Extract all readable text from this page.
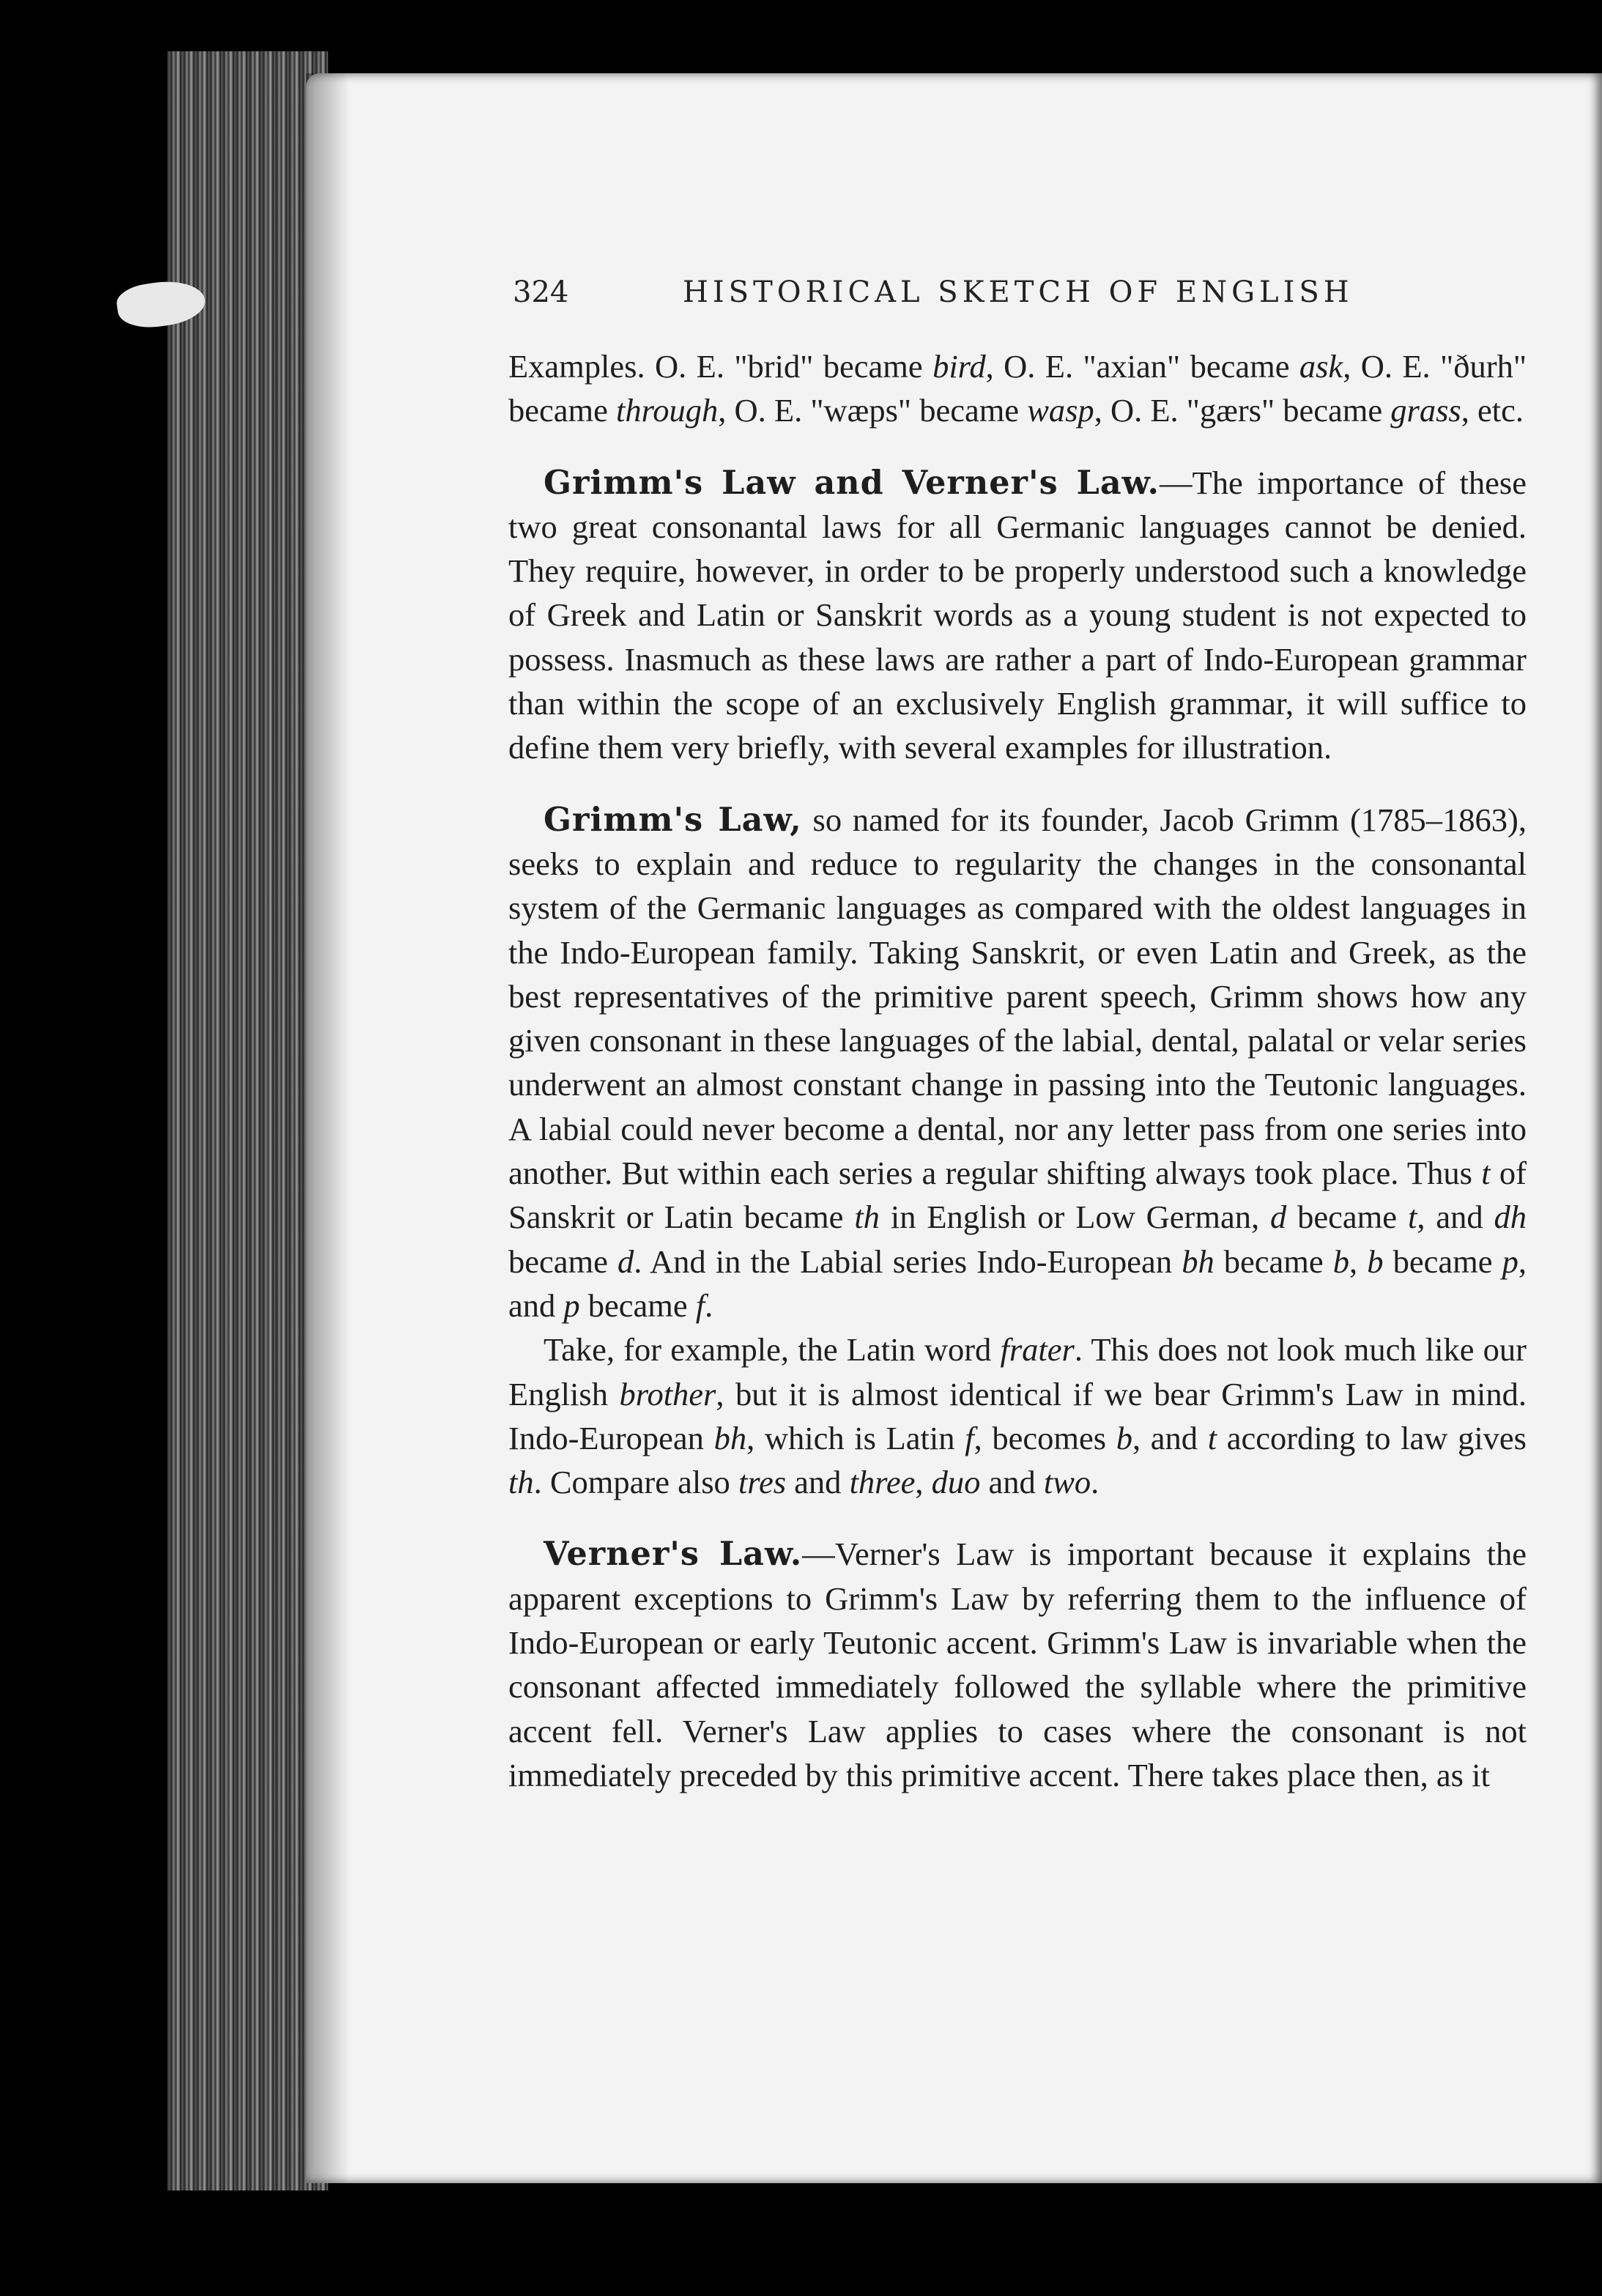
324	HISTORICAL SKETCH OF ENGLISH

Examples. O. E. "brid" became bird, O. E. "axian" became ask, O. E. "ðurh" became through, O. E. "wæps" became wasp, O. E. "gærs" became grass, etc.

Grimm's Law and Verner's Law.—The importance of these two great consonantal laws for all Germanic languages cannot be denied. They require, however, in order to be properly understood such a knowledge of Greek and Latin or Sanskrit words as a young student is not expected to possess. Inasmuch as these laws are rather a part of Indo-European grammar than within the scope of an exclusively English grammar, it will suffice to define them very briefly, with several examples for illustration.

Grimm's Law, so named for its founder, Jacob Grimm (1785–1863), seeks to explain and reduce to regularity the changes in the consonantal system of the Germanic languages as compared with the oldest languages in the Indo-European family. Taking Sanskrit, or even Latin and Greek, as the best representatives of the primitive parent speech, Grimm shows how any given consonant in these languages of the labial, dental, palatal or velar series underwent an almost constant change in passing into the Teutonic languages. A labial could never become a dental, nor any letter pass from one series into another. But within each series a regular shifting always took place. Thus t of Sanskrit or Latin became th in English or Low German, d became t, and dh became d. And in the Labial series Indo-European bh became b, b became p, and p became f.

Take, for example, the Latin word frater. This does not look much like our English brother, but it is almost identical if we bear Grimm's Law in mind. Indo-European bh, which is Latin f, becomes b, and t according to law gives th. Compare also tres and three, duo and two.

Verner's Law.—Verner's Law is important because it explains the apparent exceptions to Grimm's Law by referring them to the influence of Indo-European or early Teutonic accent. Grimm's Law is invariable when the consonant affected immediately followed the syllable where the primitive accent fell. Verner's Law applies to cases where the consonant is not immediately preceded by this primitive accent. There takes place then, as it
